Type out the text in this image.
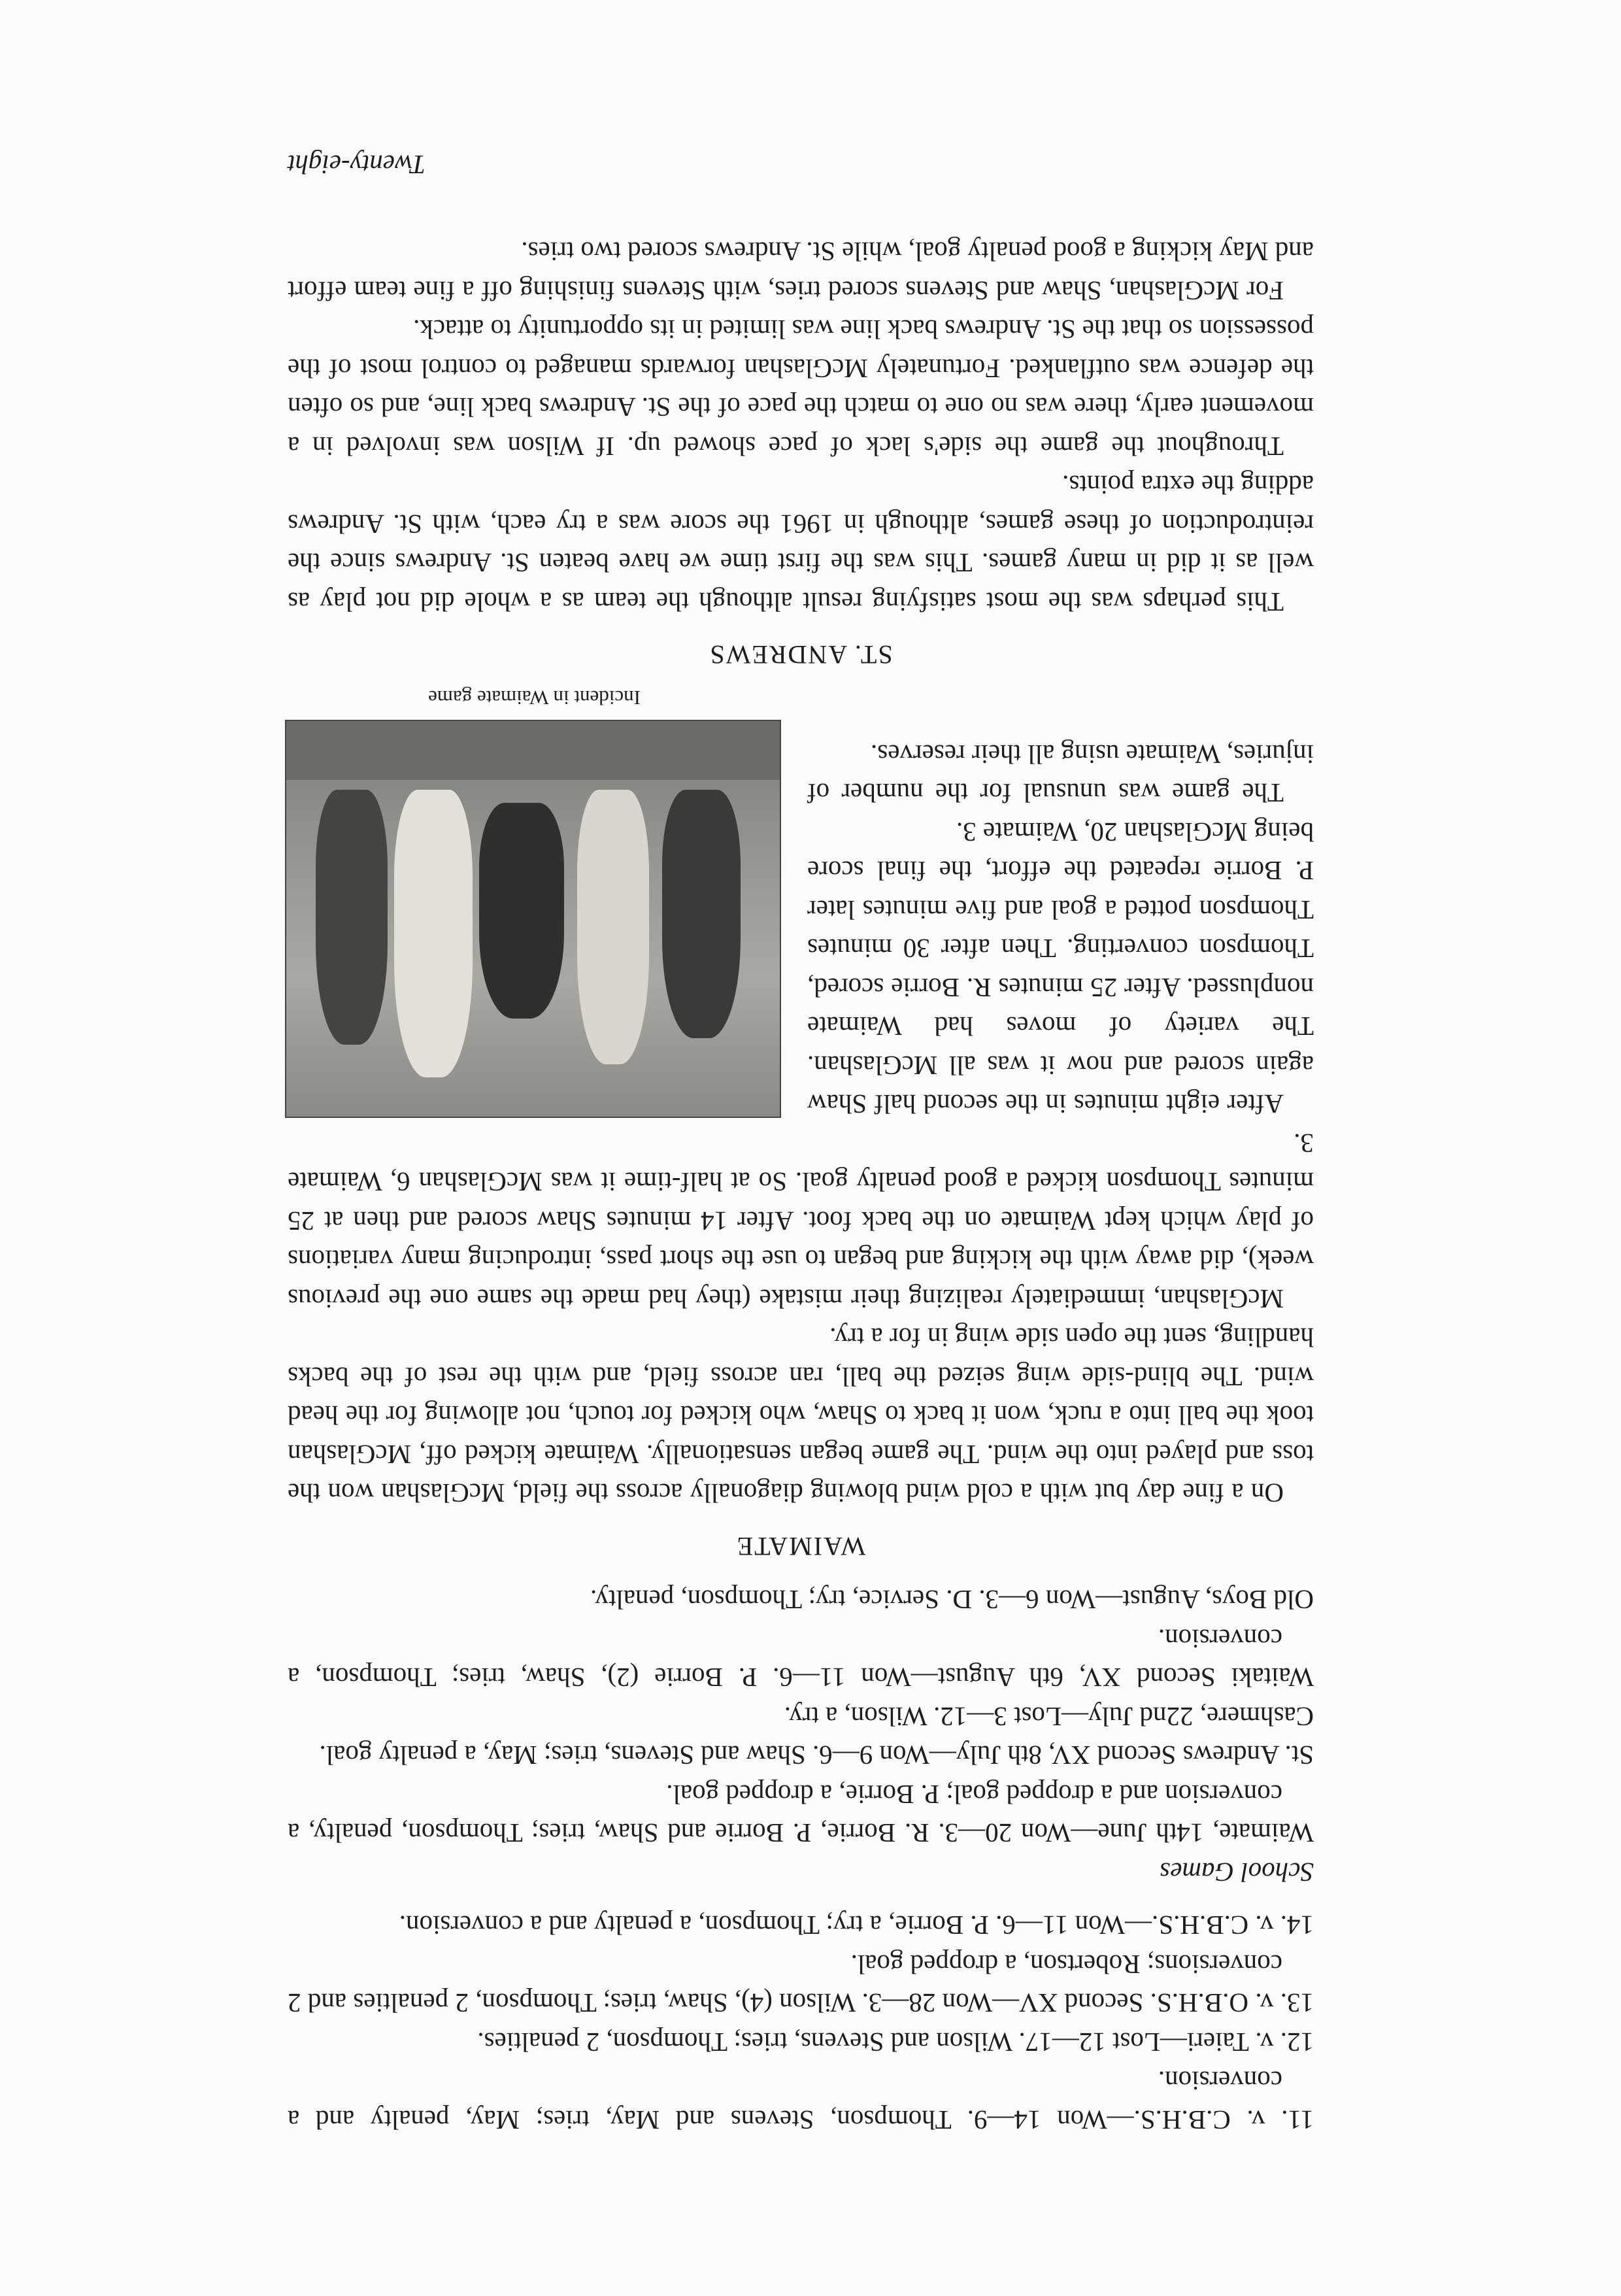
11. v. C.B.H.S.—Won 14—9. Thompson, Stevens and May, tries; May, penalty and a conversion.

12. v. Taieri—Lost 12—17. Wilson and Stevens, tries; Thompson, 2 penalties.

13. v. O.B.H.S. Second XV—Won 28—3. Wilson (4), Shaw, tries; Thompson, 2 penalties and 2 conversions; Robertson, a dropped goal.

14. v. C.B.H.S.—Won 11—6. P. Borrie, a try; Thompson, a penalty and a conversion.

School Games

Waimate, 14th June—Won 20—3. R. Borrie, P. Borrie and Shaw, tries; Thompson, penalty, a conversion and a dropped goal; P. Borrie, a dropped goal.

St. Andrews Second XV, 8th July—Won 9—6. Shaw and Stevens, tries; May, a penalty goal.

Cashmere, 22nd July—Lost 3—12. Wilson, a try.

Waitaki Second XV, 6th August—Won 11—6. P. Borrie (2), Shaw, tries; Thompson, a conversion.

Old Boys, August—Won 6—3. D. Service, try; Thompson, penalty.

WAIMATE

On a fine day but with a cold wind blowing diagonally across the field, McGlashan won the toss and played into the wind. The game began sensationally. Waimate kicked off, McGlashan took the ball into a ruck, won it back to Shaw, who kicked for touch, not allowing for the head wind. The blind-side wing seized the ball, ran across field, and with the rest of the backs handling, sent the open side wing in for a try.

McGlashan, immediately realizing their mistake (they had made the same one the previous week), did away with the kicking and began to use the short pass, introducing many variations of play which kept Waimate on the back foot. After 14 minutes Shaw scored and then at 25 minutes Thompson kicked a good penalty goal. So at half-time it was McGlashan 6, Waimate 3.

Incident in Waimate game

After eight minutes in the second half Shaw again scored and now it was all McGlashan. The variety of moves had Waimate nonplussed. After 25 minutes R. Borrie scored, Thompson converting. Then after 30 minutes Thompson potted a goal and five minutes later P. Borrie repeated the effort, the final score being McGlashan 20, Waimate 3.

The game was unusual for the number of injuries, Waimate using all their reserves.

ST. ANDREWS

This perhaps was the most satisfying result although the team as a whole did not play as well as it did in many games. This was the first time we have beaten St. Andrews since the reintroduction of these games, although in 1961 the score was a try each, with St. Andrews adding the extra points.

Throughout the game the side's lack of pace showed up. If Wilson was involved in a movement early, there was no one to match the pace of the St. Andrews back line, and so often the defence was outflanked. Fortunately McGlashan forwards managed to control most of the possession so that the St. Andrews back line was limited in its opportunity to attack.

For McGlashan, Shaw and Stevens scored tries, with Stevens finishing off a fine team effort and May kicking a good penalty goal, while St. Andrews scored two tries.

Twenty-eight
